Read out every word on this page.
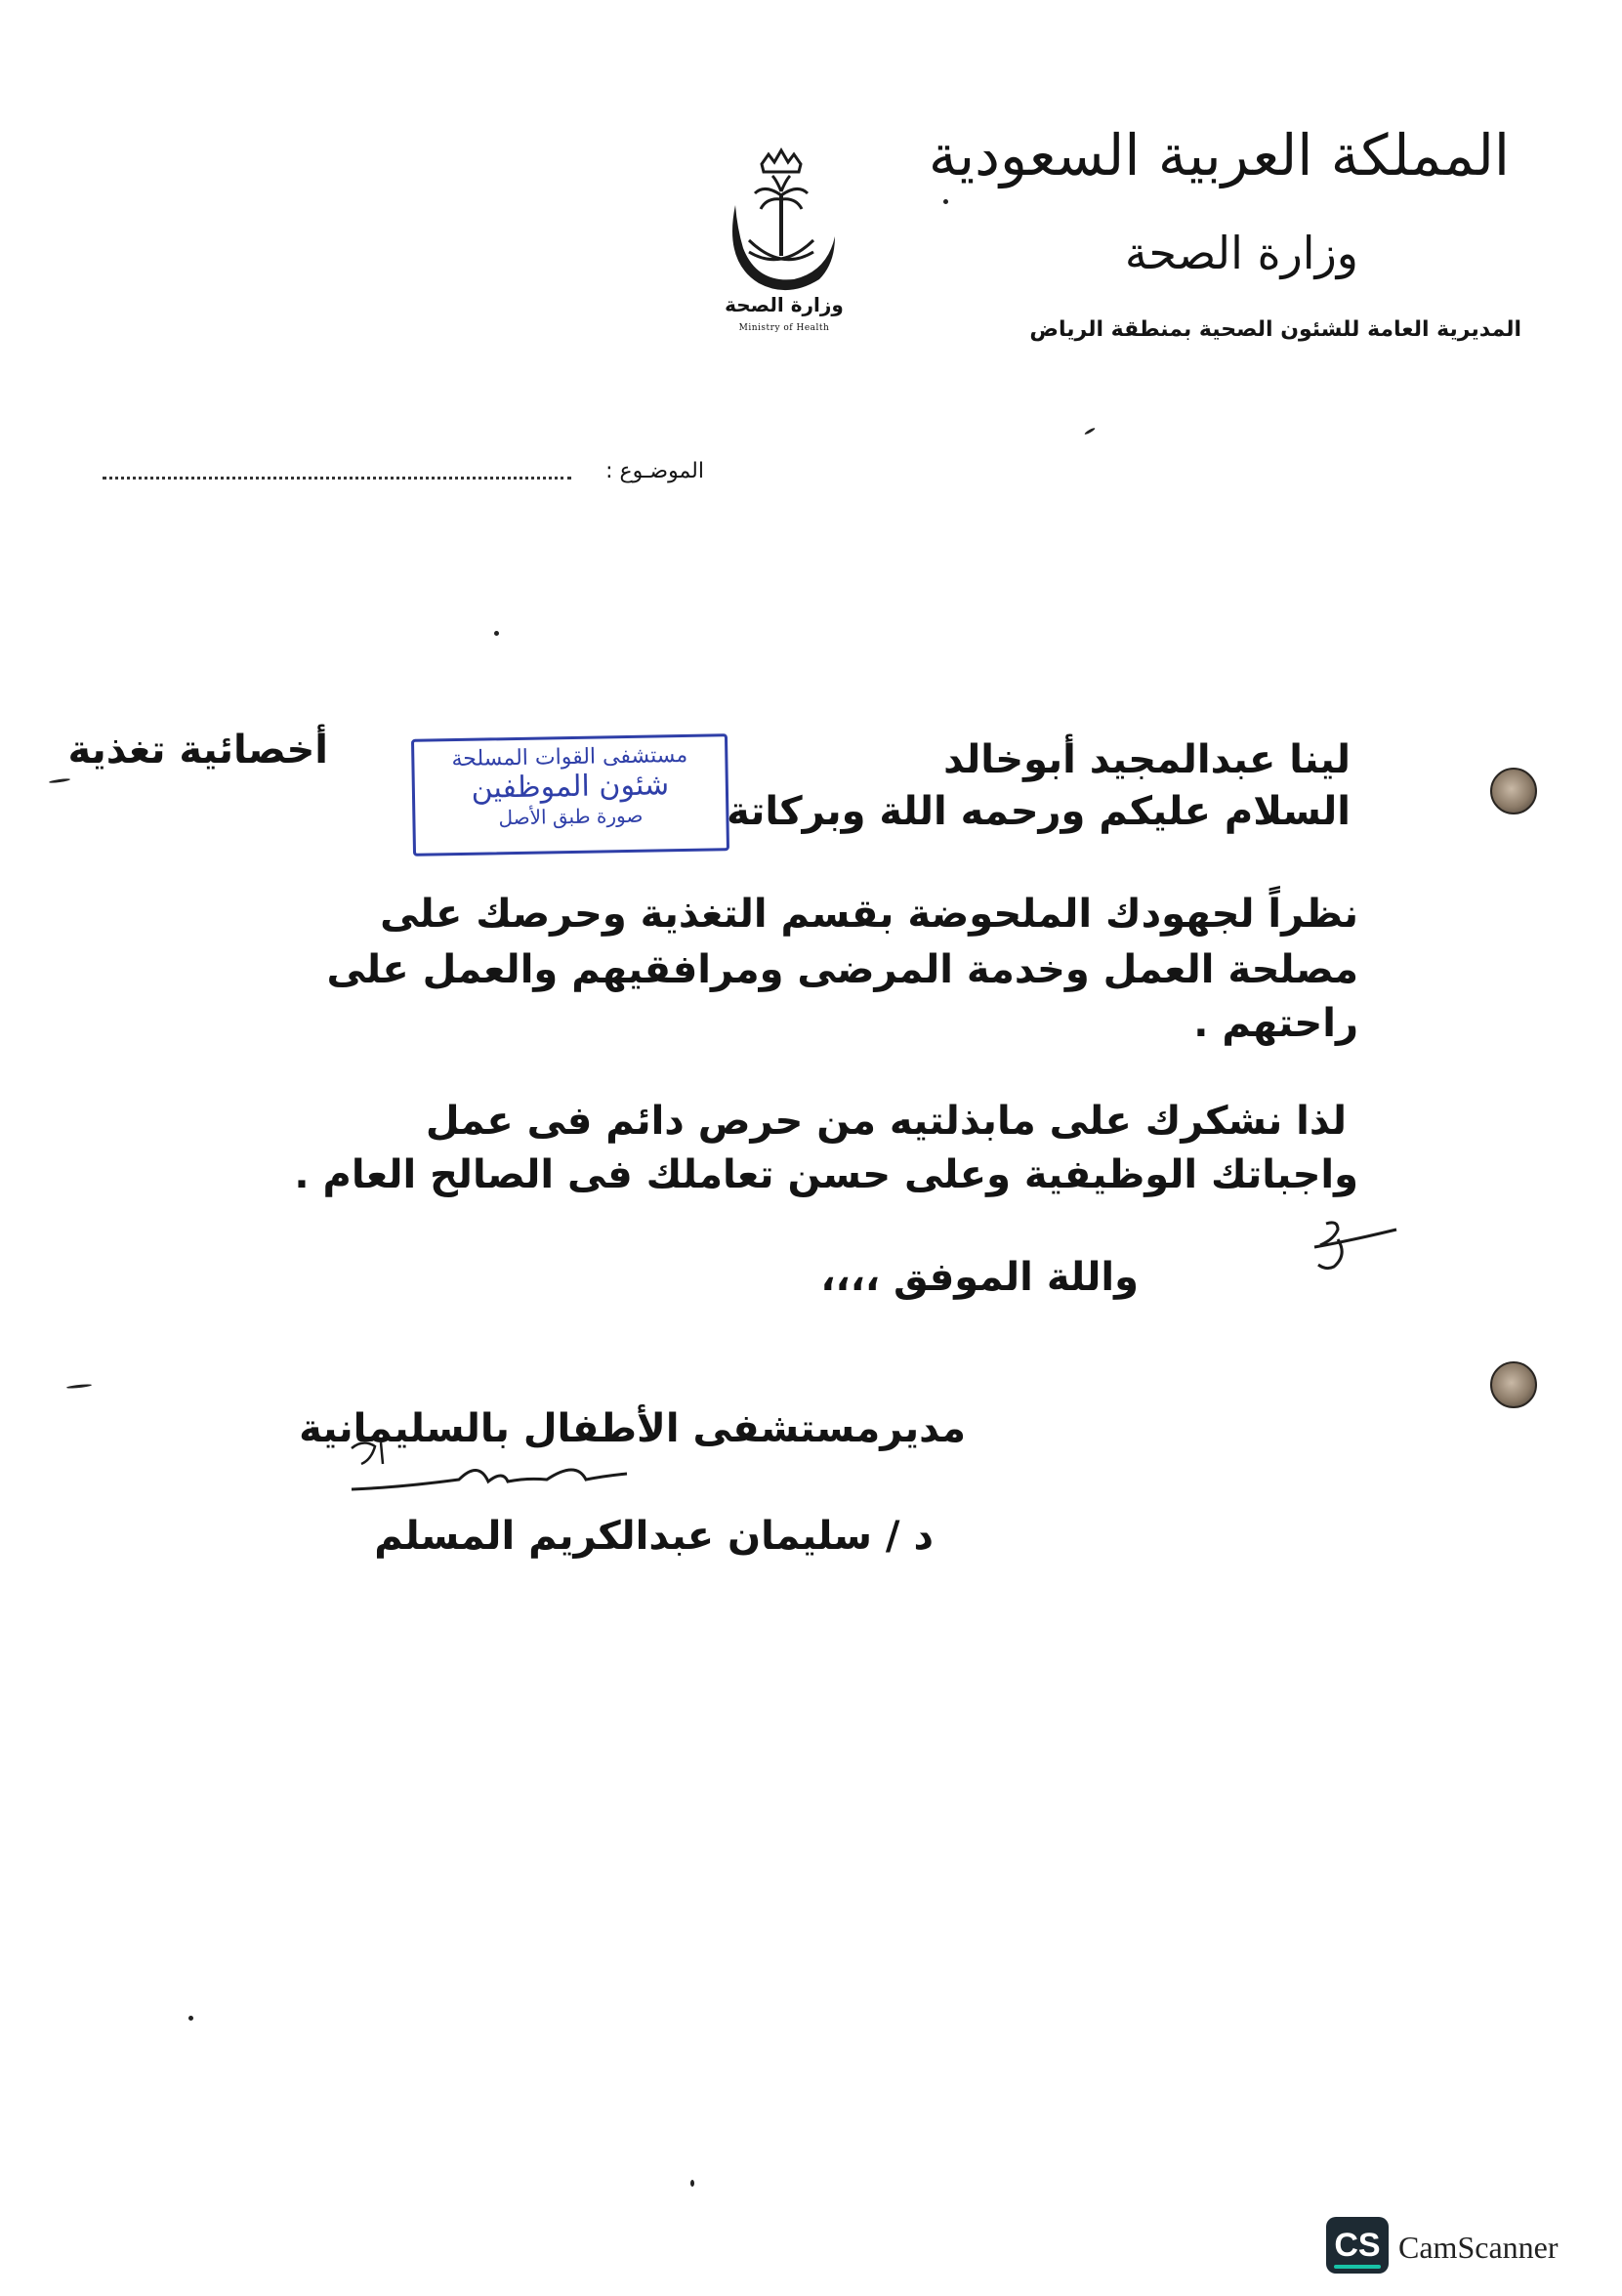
المملكة العربية السعودية
وزارة الصحة
المديرية العامة للشئون الصحية بمنطقة الرياض
وزارة الصحة
Ministry of Health
الموضـوع :
لينا عبدالمجيد أبوخالد
أخصائية تغذية
السلام عليكم ورحمه اللة وبركاتة
نظراً لجهودك الملحوضة بقسم التغذية وحرصك على
مصلحة العمل وخدمة المرضى ومرافقيهم والعمل على
راحتهم .
لذا نشكرك على مابذلتيه من حرص دائم فى عمل
واجباتك الوظيفية وعلى حسن تعاملك فى الصالح العام .
واللة الموفق ،،،،
مديرمستشفى الأطفال بالسليمانية
د / سليمان عبدالكريم المسلم
مستشفى القوات المسلحة
شئون الموظفين
صورة طبق الأصل
CS CamScanner
